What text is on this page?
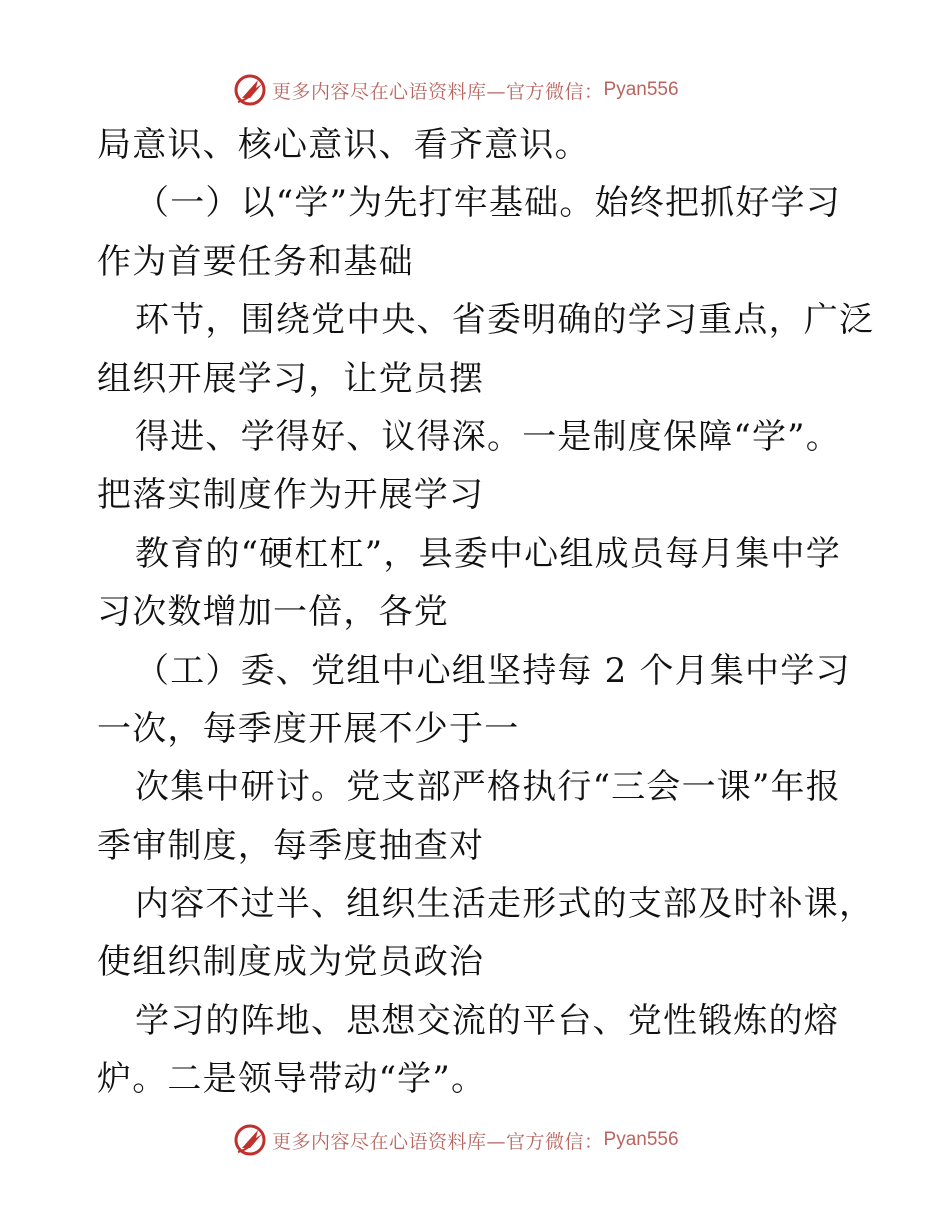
更多内容尽在心语资料库—官方微信： Pyan556
局意识、核心意识、看齐意识。
（一）以“学”为先打牢基础。始终把抓好学习
作为首要任务和基础
环节，围绕党中央、省委明确的学习重点，广泛
组织开展学习，让党员摆
得进、学得好、议得深。一是制度保障“学”。
把落实制度作为开展学习
教育的“硬杠杠”，县委中心组成员每月集中学
习次数增加一倍，各党
（工）委、党组中心组坚持每 2 个月集中学习
一次，每季度开展不少于一
次集中研讨。党支部严格执行“三会一课”年报
季审制度，每季度抽查对
内容不过半、组织生活走形式的支部及时补课，
使组织制度成为党员政治
学习的阵地、思想交流的平台、党性锻炼的熔
炉。二是领导带动“学”。
更多内容尽在心语资料库—官方微信： Pyan556
